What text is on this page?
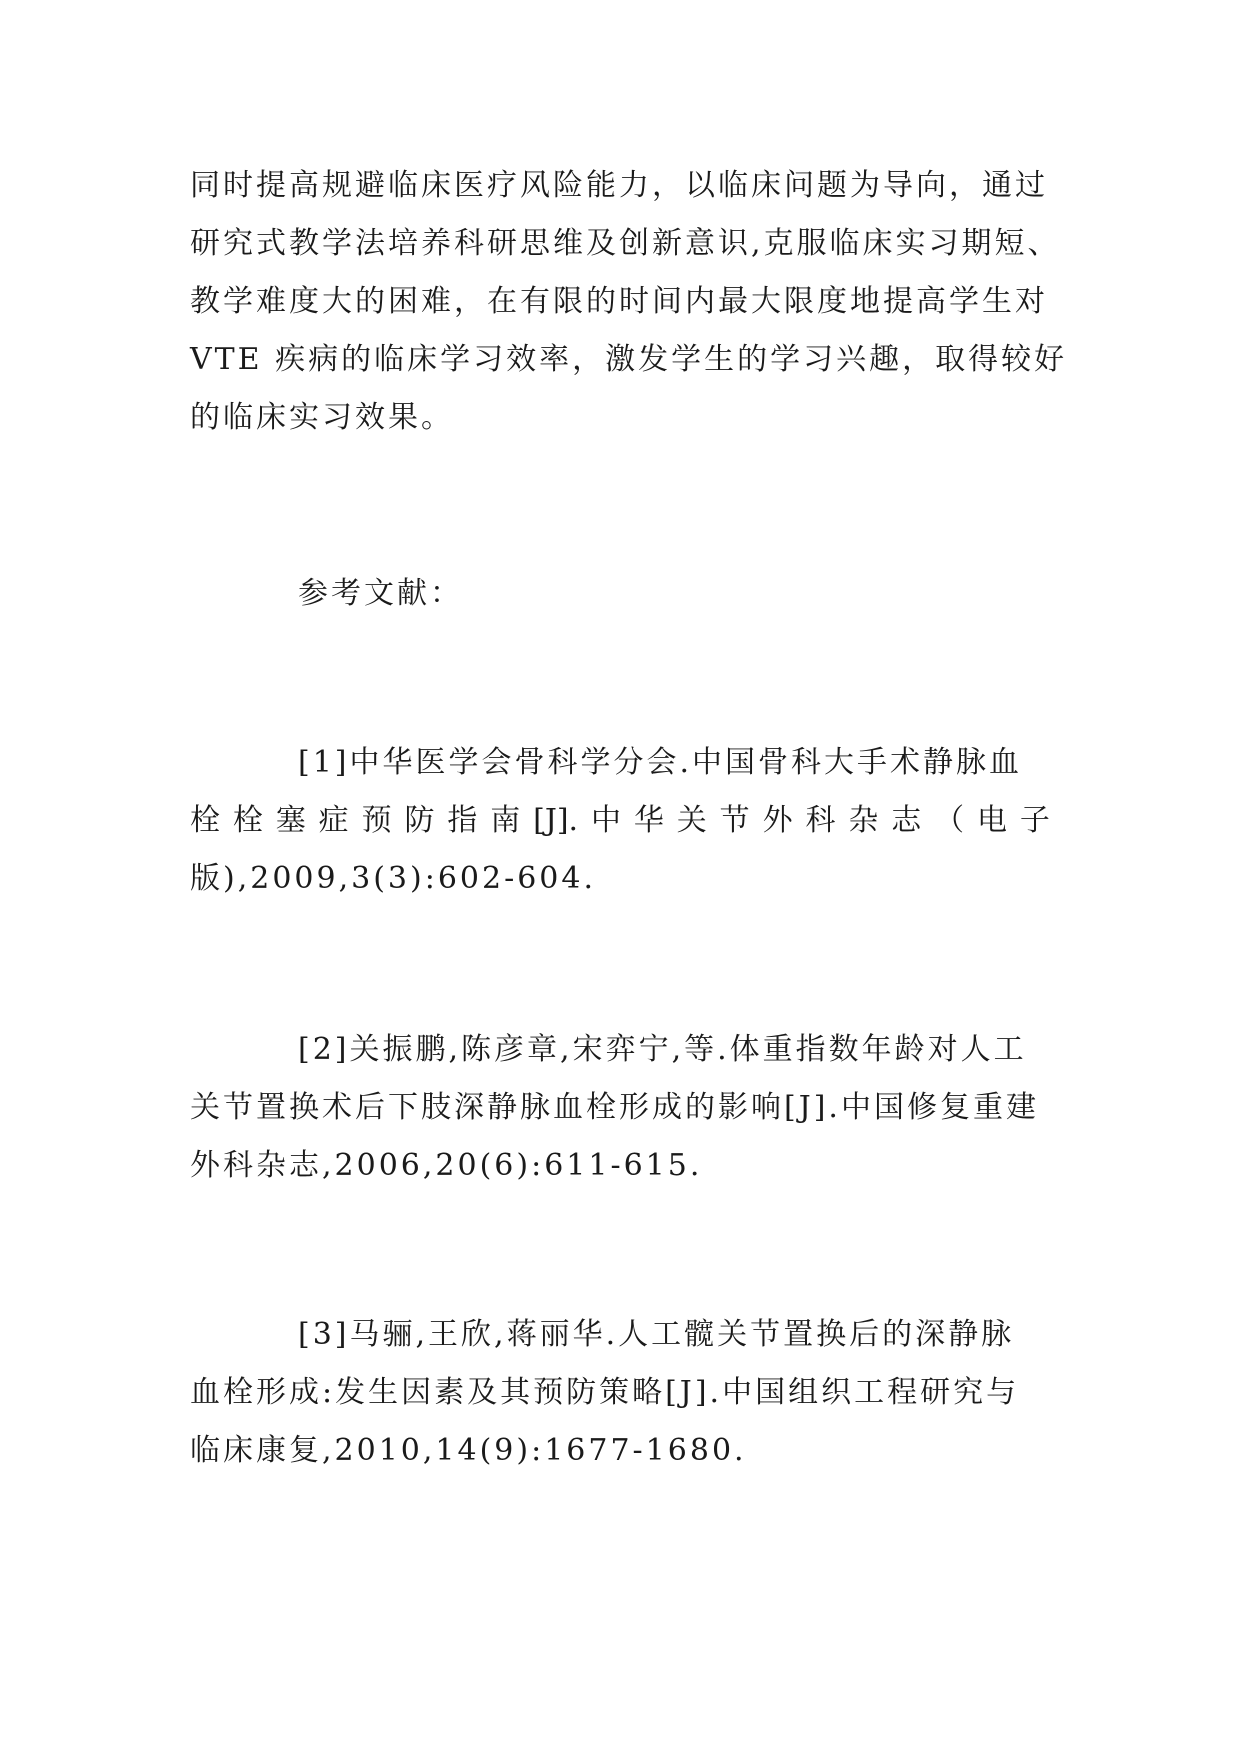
同时提高规避临床医疗风险能力，以临床问题为导向，通过
研究式教学法培养科研思维及创新意识,克服临床实习期短、
教学难度大的困难，在有限的时间内最大限度地提高学生对
VTE 疾病的临床学习效率，激发学生的学习兴趣，取得较好
的临床实习效果。
参考文献：
[1]中华医学会骨科学分会.中国骨科大手术静脉血
栓 栓 塞 症 预 防 指 南 [J]. 中 华 关 节 外 科 杂 志 （ 电 子
版),2009,3(3):602-604.
[2]关振鹏,陈彦章,宋弈宁,等.体重指数年龄对人工
关节置换术后下肢深静脉血栓形成的影响[J].中国修复重建
外科杂志,2006,20(6):611-615.
[3]马骊,王欣,蒋丽华.人工髋关节置换后的深静脉
血栓形成:发生因素及其预防策略[J].中国组织工程研究与
临床康复,2010,14(9):1677-1680.
